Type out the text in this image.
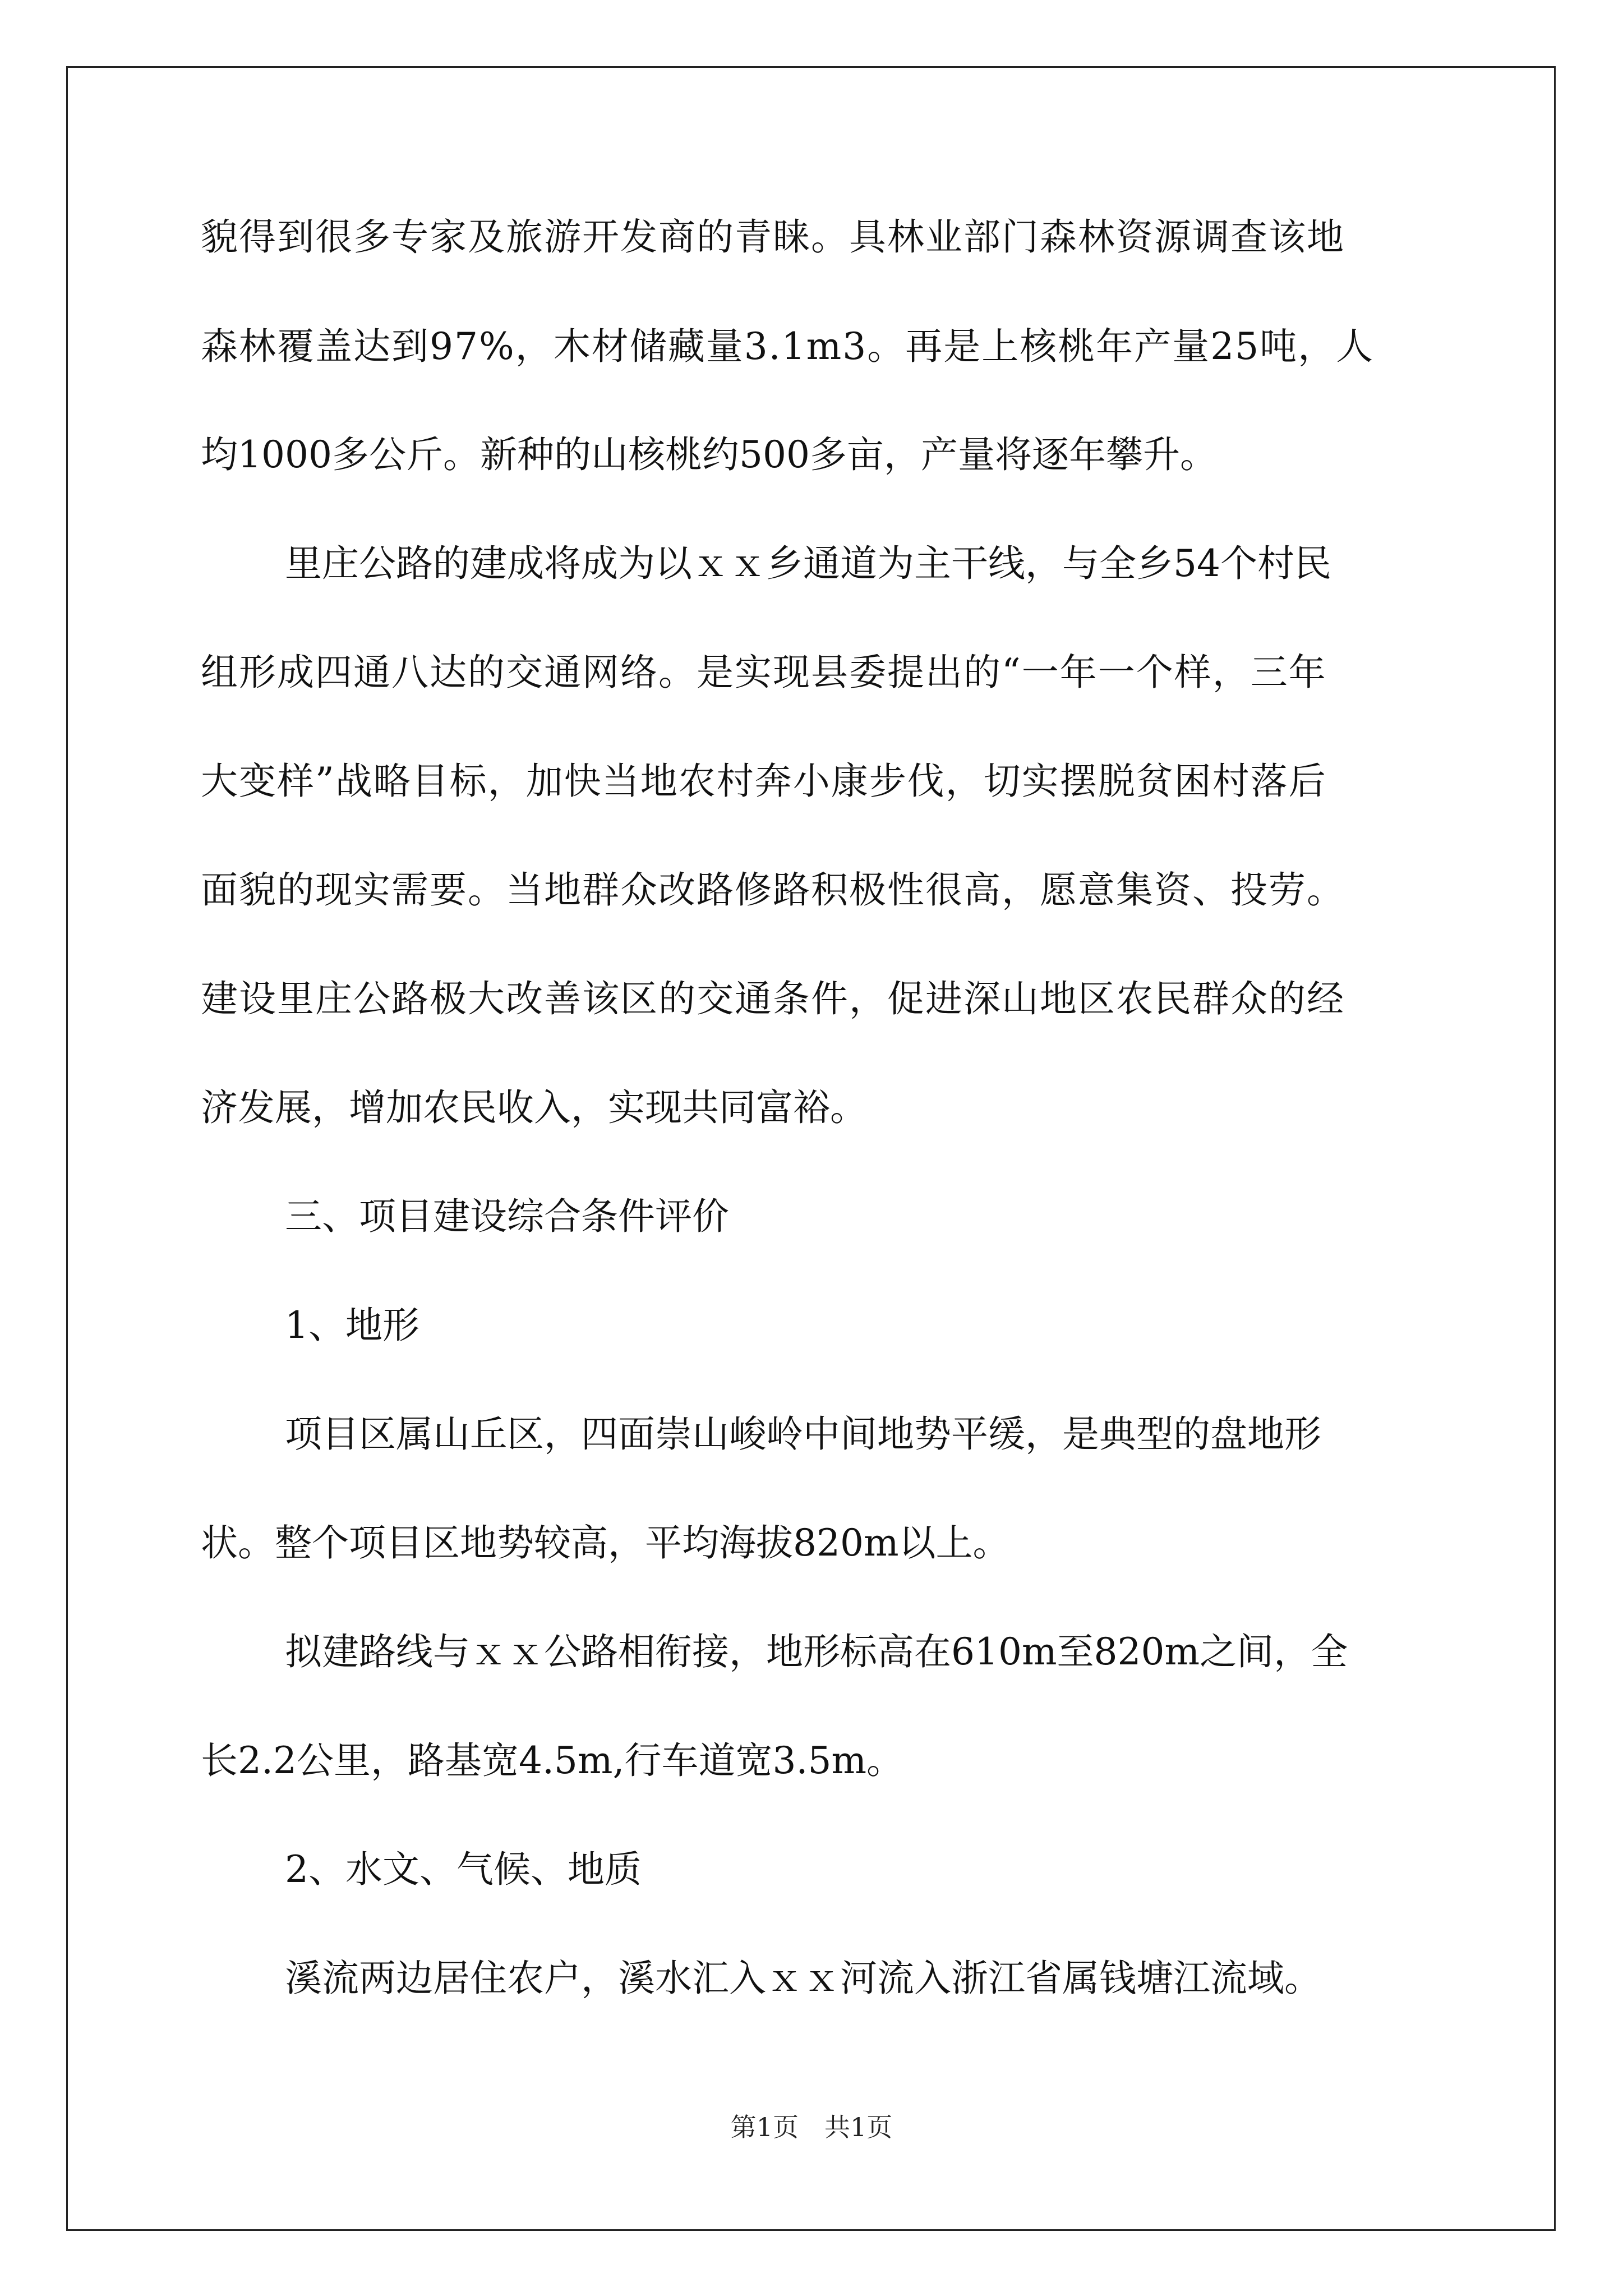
貌得到很多专家及旅游开发商的青睐。具林业部门森林资源调查该地
森林覆盖达到97%，木材储藏量3.1m3。再是上核桃年产量25吨，人
均1000多公斤。新种的山核桃约500多亩，产量将逐年攀升。
里庄公路的建成将成为以ｘｘ乡通道为主干线，与全乡54个村民
组形成四通八达的交通网络。是实现县委提出的“一年一个样，三年
大变样”战略目标，加快当地农村奔小康步伐，切实摆脱贫困村落后
面貌的现实需要。当地群众改路修路积极性很高，愿意集资、投劳。
建设里庄公路极大改善该区的交通条件，促进深山地区农民群众的经
济发展，增加农民收入，实现共同富裕。
三、项目建设综合条件评价
1、地形
项目区属山丘区，四面崇山峻岭中间地势平缓，是典型的盘地形
状。整个项目区地势较高，平均海拔820m以上。
拟建路线与ｘｘ公路相衔接，地形标高在610m至820m之间，全
长2.2公里，路基宽4.5m,行车道宽3.5m。
2、水文、气候、地质
溪流两边居住农户，溪水汇入ｘｘ河流入浙江省属钱塘江流域。
第1页　共1页
